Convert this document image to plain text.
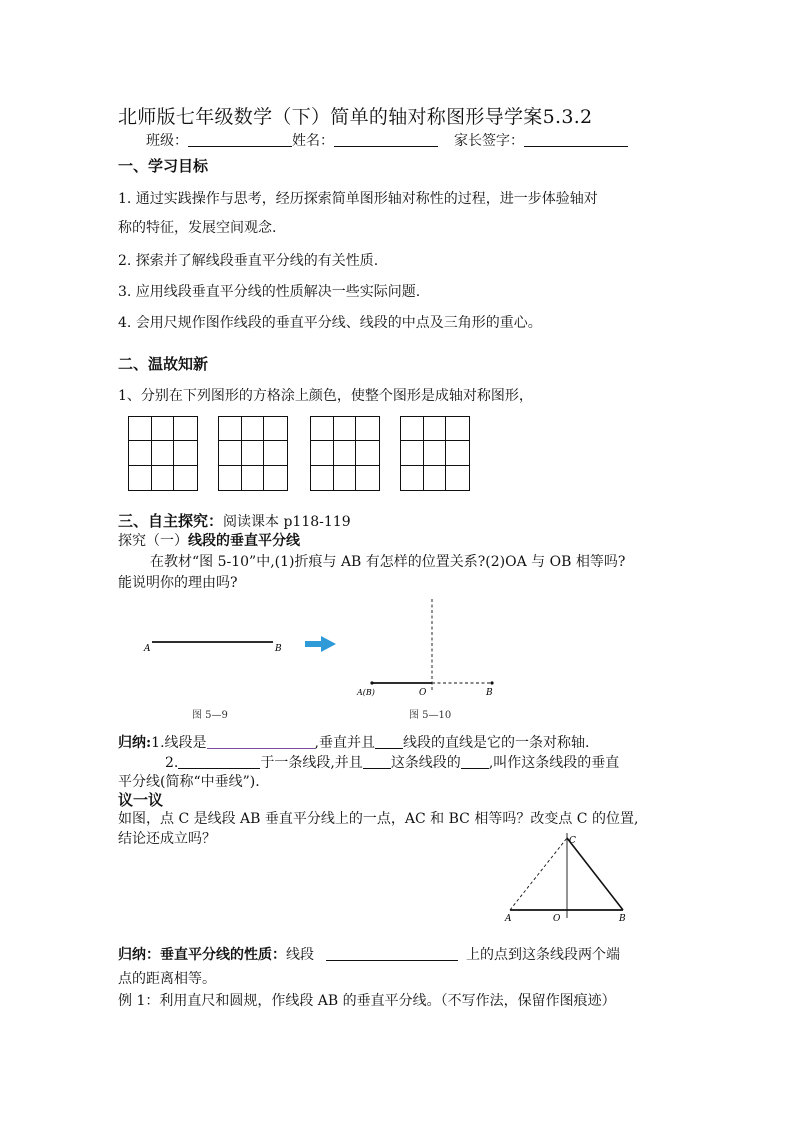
北师版七年级数学（下）简单的轴对称图形导学案5.3.2
班级：	姓名：	家长签字：
一、学习目标
1. 通过实践操作与思考，经历探索简单图形轴对称性的过程，进一步体验轴对
称的特征，发展空间观念.
2. 探索并了解线段垂直平分线的有关性质.
3. 应用线段垂直平分线的性质解决一些实际问题.
4. 会用尺规作图作线段的垂直平分线、线段的中点及三角形的重心。
二、温故知新
1、分别在下列图形的方格涂上颜色，使整个图形是成轴对称图形，
三、自主探究：阅读课本 p118-119
探究（一）线段的垂直平分线
在教材“图 5-10”中,(1)折痕与 AB 有怎样的位置关系?(2)OA 与 OB 相等吗?
能说明你的理由吗?
A	B
A(B)	O	B
图 5—9	图 5—10
归纳:1.线段是	,垂直并且 线段的直线是它的一条对称轴.
2.	于一条线段,并且 这条线段的 ,叫作这条线段的垂直
平分线(简称“中垂线”).
议一议
如图，点 C 是线段 AB 垂直平分线上的一点，AC 和 BC 相等吗？改变点 C 的位置,
结论还成立吗？	C
A	O	B
归纳：垂直平分线的性质：线段	上的点到这条线段两个端
点的距离相等。
例 1：利用直尺和圆规，作线段 AB 的垂直平分线。（不写作法，保留作图痕迹）
